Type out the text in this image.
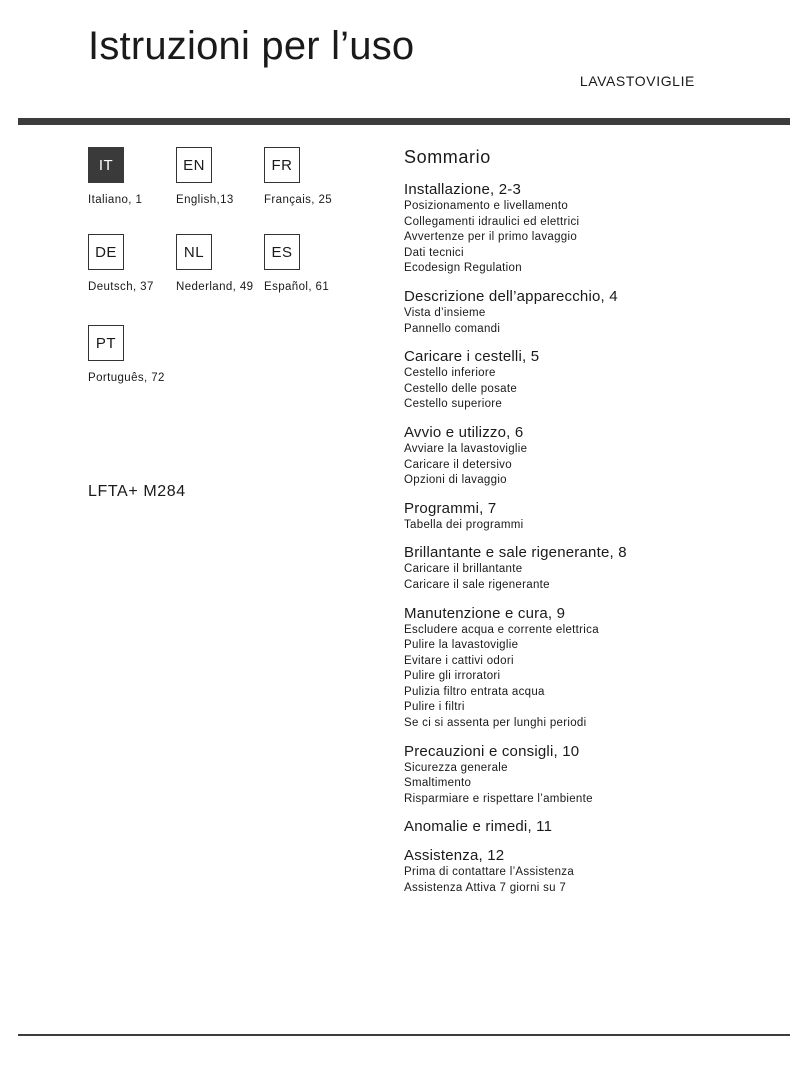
Istruzioni per l’uso
LAVASTOVIGLIE
IT
Italiano, 1
EN
English,13
FR
Français, 25
DE
Deutsch, 37
NL
Nederland, 49
ES
Español, 61
PT
Português, 72
LFTA+ M284
Sommario
Installazione, 2-3
Posizionamento e livellamento
Collegamenti idraulici ed elettrici
Avvertenze per il primo lavaggio
Dati tecnici
Ecodesign Regulation
Descrizione dell’apparecchio, 4
Vista d’insieme
Pannello comandi
Caricare i cestelli, 5
Cestello inferiore
Cestello delle posate
Cestello superiore
Avvio e utilizzo, 6
Avviare la lavastoviglie
Caricare il detersivo
Opzioni di lavaggio
Programmi, 7
Tabella dei programmi
Brillantante e sale rigenerante, 8
Caricare il brillantante
Caricare il sale rigenerante
Manutenzione e cura, 9
Escludere acqua e corrente elettrica
Pulire la lavastoviglie
Evitare i cattivi odori
Pulire gli irroratori
Pulizia filtro entrata acqua
Pulire i filtri
Se ci si assenta per lunghi periodi
Precauzioni e consigli, 10
Sicurezza generale
Smaltimento
Risparmiare e rispettare l’ambiente
Anomalie e rimedi, 11
Assistenza, 12
Prima di contattare l’Assistenza
Assistenza Attiva 7 giorni su 7
